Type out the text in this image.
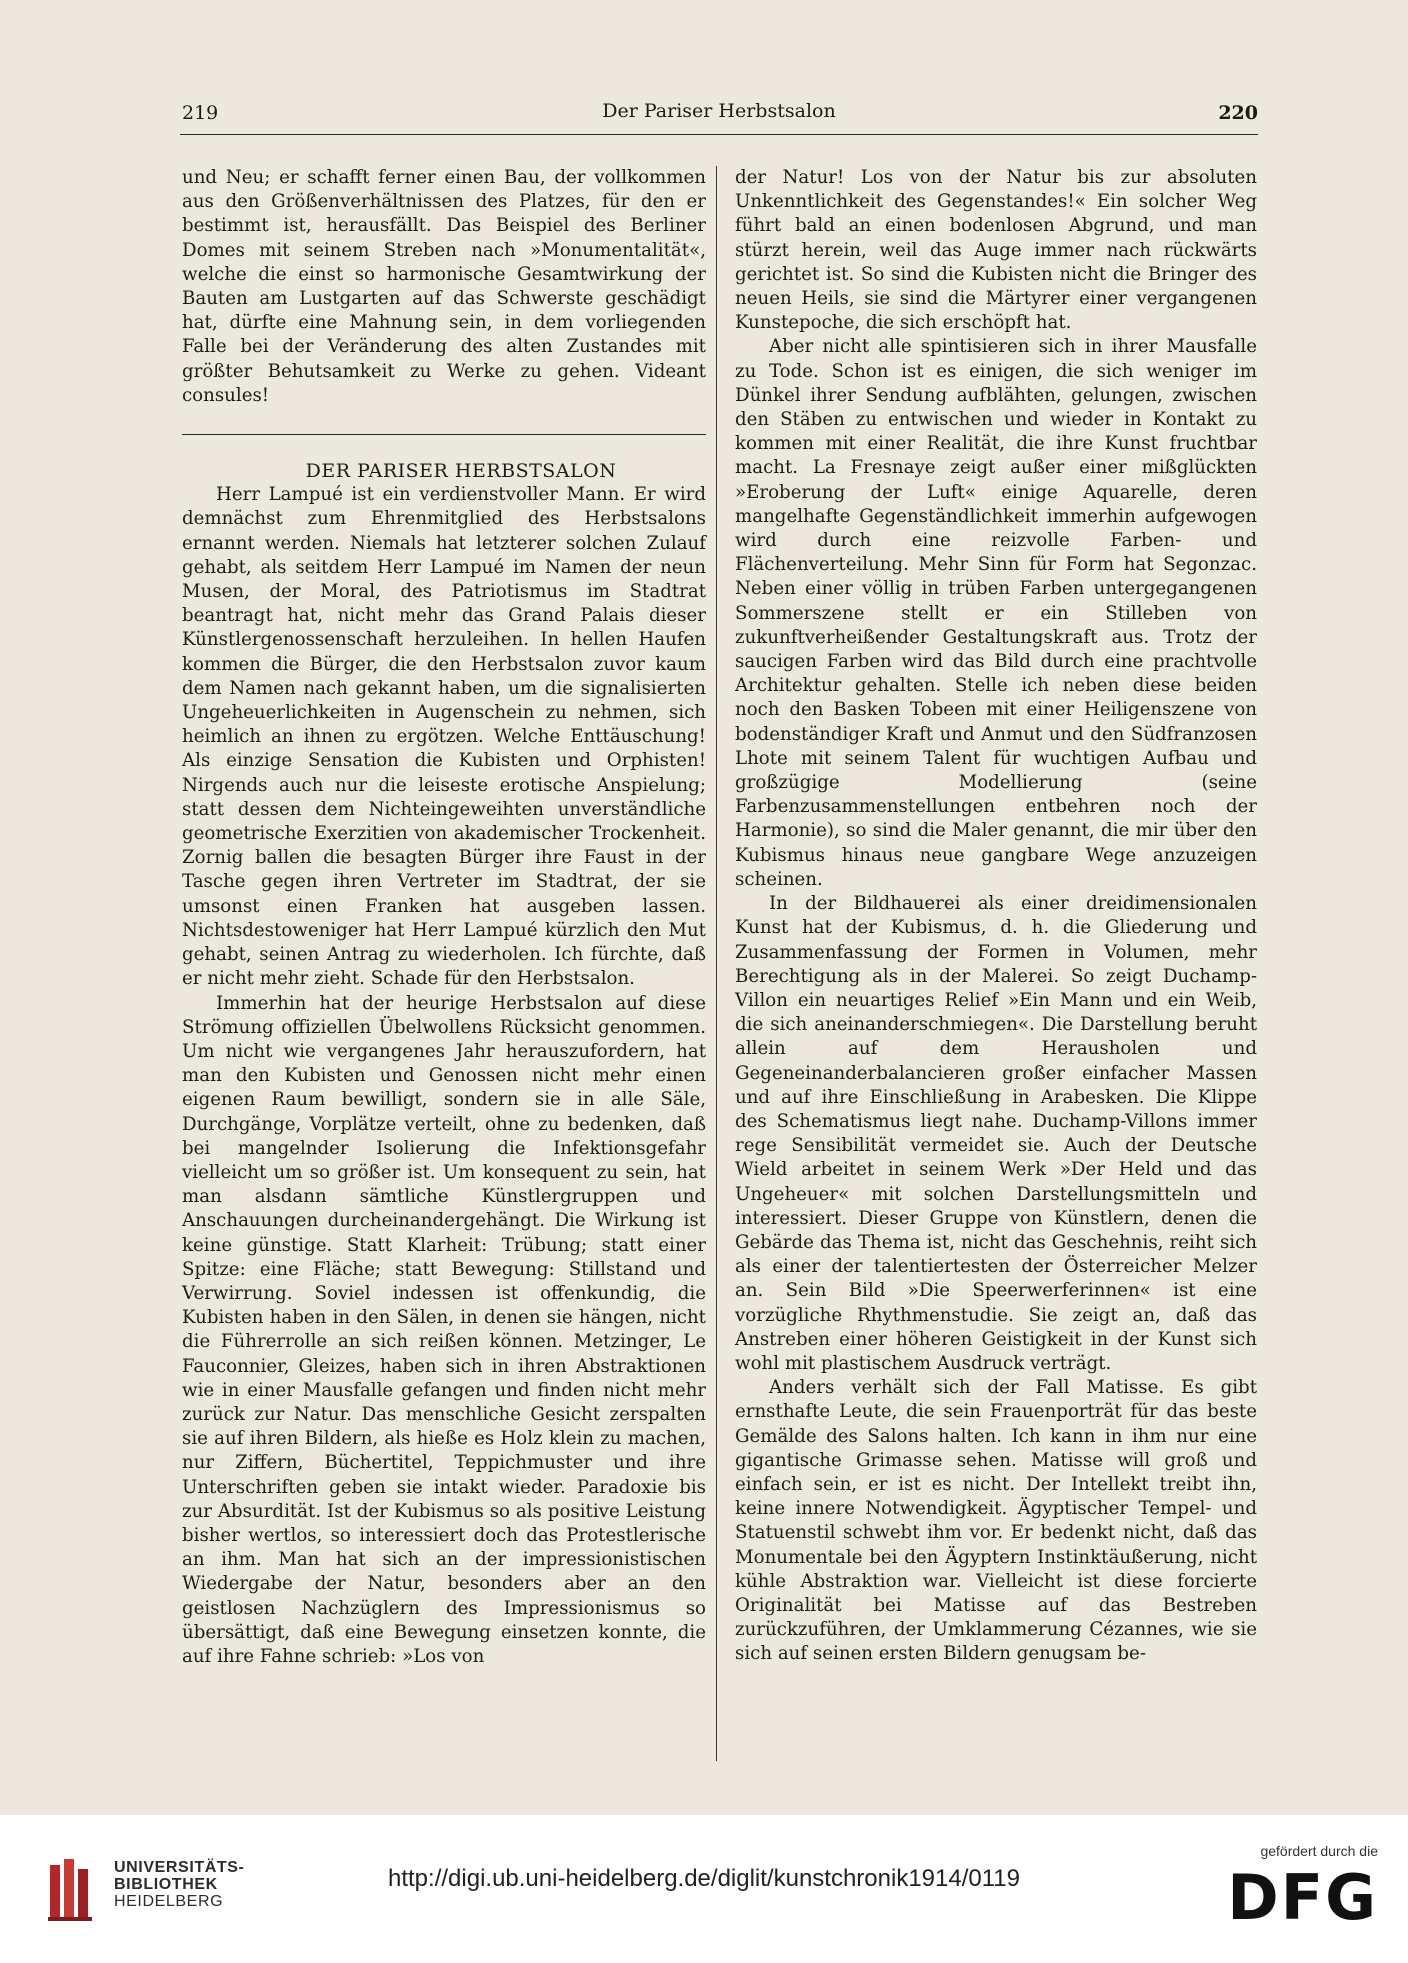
219	Der Pariser Herbstsalon	220

und Neu; er schafft ferner einen Bau, der vollkommen aus den Größenverhältnissen des Platzes, für den er bestimmt ist, herausfällt. Das Beispiel des Berliner Domes mit seinem Streben nach »Monumentalität«, welche die einst so harmonische Gesamtwirkung der Bauten am Lustgarten auf das Schwerste geschädigt hat, dürfte eine Mahnung sein, in dem vorliegenden Falle bei der Veränderung des alten Zustandes mit größter Behutsamkeit zu Werke zu gehen. Videant consules!

DER PARISER HERBSTSALON

Herr Lampué ist ein verdienstvoller Mann. Er wird demnächst zum Ehrenmitglied des Herbstsalons ernannt werden. Niemals hat letzterer solchen Zulauf gehabt, als seitdem Herr Lampué im Namen der neun Musen, der Moral, des Patriotismus im Stadtrat beantragt hat, nicht mehr das Grand Palais dieser Künstlergenossenschaft herzuleihen. In hellen Haufen kommen die Bürger, die den Herbstsalon zuvor kaum dem Namen nach gekannt haben, um die signalisierten Ungeheuerlichkeiten in Augenschein zu nehmen, sich heimlich an ihnen zu ergötzen. Welche Enttäuschung! Als einzige Sensation die Kubisten und Orphisten! Nirgends auch nur die leiseste erotische Anspielung; statt dessen dem Nichteingeweihten unverständliche geometrische Exerzitien von akademischer Trockenheit. Zornig ballen die besagten Bürger ihre Faust in der Tasche gegen ihren Vertreter im Stadtrat, der sie umsonst einen Franken hat ausgeben lassen. Nichtsdestoweniger hat Herr Lampué kürzlich den Mut gehabt, seinen Antrag zu wiederholen. Ich fürchte, daß er nicht mehr zieht. Schade für den Herbstsalon.

Immerhin hat der heurige Herbstsalon auf diese Strömung offiziellen Übelwollens Rücksicht genommen. Um nicht wie vergangenes Jahr herauszufordern, hat man den Kubisten und Genossen nicht mehr einen eigenen Raum bewilligt, sondern sie in alle Säle, Durchgänge, Vorplätze verteilt, ohne zu bedenken, daß bei mangelnder Isolierung die Infektionsgefahr vielleicht um so größer ist. Um konsequent zu sein, hat man alsdann sämtliche Künstlergruppen und Anschauungen durcheinandergehängt. Die Wirkung ist keine günstige. Statt Klarheit: Trübung; statt einer Spitze: eine Fläche; statt Bewegung: Stillstand und Verwirrung. Soviel indessen ist offenkundig, die Kubisten haben in den Sälen, in denen sie hängen, nicht die Führerrolle an sich reißen können. Metzinger, Le Fauconnier, Gleizes, haben sich in ihren Abstraktionen wie in einer Mausfalle gefangen und finden nicht mehr zurück zur Natur. Das menschliche Gesicht zerspalten sie auf ihren Bildern, als hieße es Holz klein zu machen, nur Ziffern, Büchertitel, Teppichmuster und ihre Unterschriften geben sie intakt wieder. Paradoxie bis zur Absurdität. Ist der Kubismus so als positive Leistung bisher wertlos, so interessiert doch das Protestlerische an ihm. Man hat sich an der impressionistischen Wiedergabe der Natur, besonders aber an den geistlosen Nachzüglern des Impressionismus so übersättigt, daß eine Bewegung einsetzen konnte, die auf ihre Fahne schrieb: »Los von

der Natur! Los von der Natur bis zur absoluten Unkenntlichkeit des Gegenstandes!« Ein solcher Weg führt bald an einen bodenlosen Abgrund, und man stürzt herein, weil das Auge immer nach rückwärts gerichtet ist. So sind die Kubisten nicht die Bringer des neuen Heils, sie sind die Märtyrer einer vergangenen Kunstepoche, die sich erschöpft hat.

Aber nicht alle spintisieren sich in ihrer Mausfalle zu Tode. Schon ist es einigen, die sich weniger im Dünkel ihrer Sendung aufblähten, gelungen, zwischen den Stäben zu entwischen und wieder in Kontakt zu kommen mit einer Realität, die ihre Kunst fruchtbar macht. La Fresnaye zeigt außer einer mißglückten »Eroberung der Luft« einige Aquarelle, deren mangelhafte Gegenständlichkeit immerhin aufgewogen wird durch eine reizvolle Farben- und Flächenverteilung. Mehr Sinn für Form hat Segonzac. Neben einer völlig in trüben Farben untergegangenen Sommerszene stellt er ein Stilleben von zukunftverheißender Gestaltungskraft aus. Trotz der saucigen Farben wird das Bild durch eine prachtvolle Architektur gehalten. Stelle ich neben diese beiden noch den Basken Tobeen mit einer Heiligenszene von bodenständiger Kraft und Anmut und den Südfranzosen Lhote mit seinem Talent für wuchtigen Aufbau und großzügige Modellierung (seine Farbenzusammenstellungen entbehren noch der Harmonie), so sind die Maler genannt, die mir über den Kubismus hinaus neue gangbare Wege anzuzeigen scheinen.

In der Bildhauerei als einer dreidimensionalen Kunst hat der Kubismus, d. h. die Gliederung und Zusammenfassung der Formen in Volumen, mehr Berechtigung als in der Malerei. So zeigt Duchamp-Villon ein neuartiges Relief »Ein Mann und ein Weib, die sich aneinanderschmiegen«. Die Darstellung beruht allein auf dem Herausholen und Gegeneinanderbalancieren großer einfacher Massen und auf ihre Einschließung in Arabesken. Die Klippe des Schematismus liegt nahe. Duchamp-Villons immer rege Sensibilität vermeidet sie. Auch der Deutsche Wield arbeitet in seinem Werk »Der Held und das Ungeheuer« mit solchen Darstellungsmitteln und interessiert. Dieser Gruppe von Künstlern, denen die Gebärde das Thema ist, nicht das Geschehnis, reiht sich als einer der talentiertesten der Österreicher Melzer an. Sein Bild »Die Speerwerferinnen« ist eine vorzügliche Rhythmenstudie. Sie zeigt an, daß das Anstreben einer höheren Geistigkeit in der Kunst sich wohl mit plastischem Ausdruck verträgt.

Anders verhält sich der Fall Matisse. Es gibt ernsthafte Leute, die sein Frauenporträt für das beste Gemälde des Salons halten. Ich kann in ihm nur eine gigantische Grimasse sehen. Matisse will groß und einfach sein, er ist es nicht. Der Intellekt treibt ihn, keine innere Notwendigkeit. Ägyptischer Tempel- und Statuenstil schwebt ihm vor. Er bedenkt nicht, daß das Monumentale bei den Ägyptern Instinktäußerung, nicht kühle Abstraktion war. Vielleicht ist diese forcierte Originalität bei Matisse auf das Bestreben zurückzuführen, der Umklammerung Cézannes, wie sie sich auf seinen ersten Bildern genugsam be-

UNIVERSITÄTS-
BIBLIOTHEK
HEIDELBERG
http://digi.ub.uni-heidelberg.de/diglit/kunstchronik1914/0119
gefördert durch die
DFG
